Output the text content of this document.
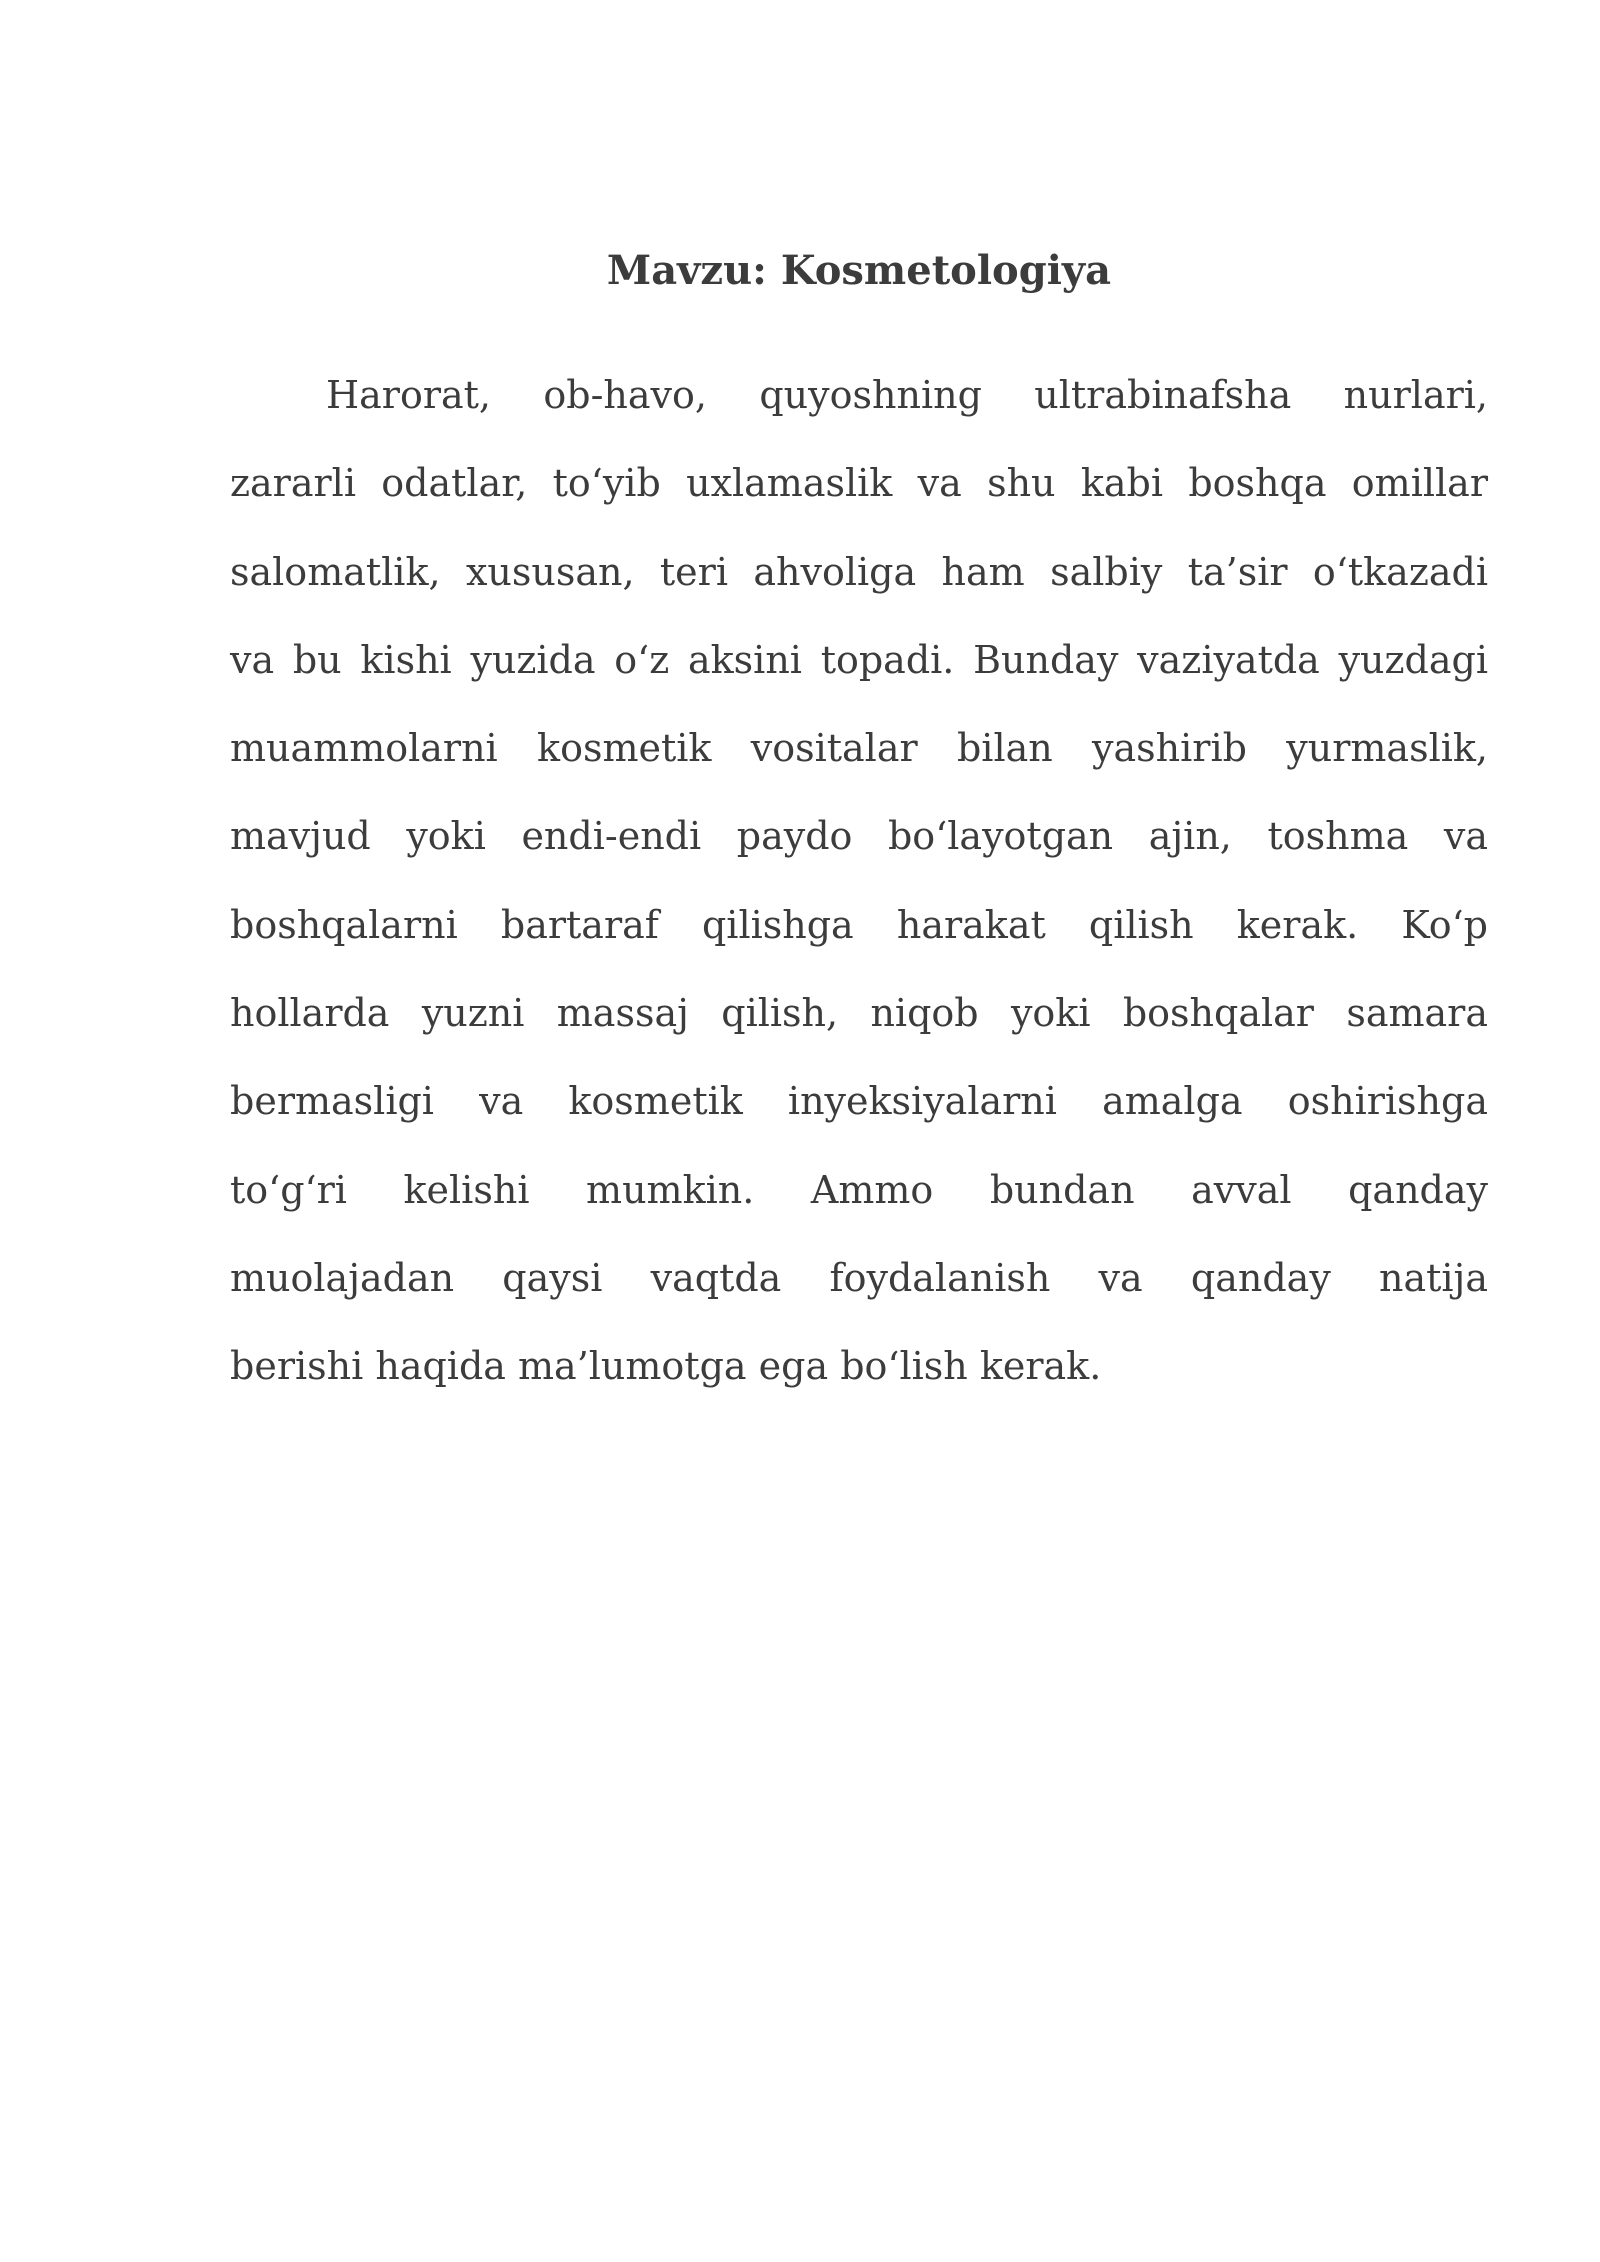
Mavzu: Kosmetologiya
Harorat, ob-havo, quyoshning ultrabinafsha nurlari,
zararli odatlar, to‘yib uxlamaslik va shu kabi boshqa omillar
salomatlik, xususan, teri ahvoliga ham salbiy ta’sir o‘tkazadi
va bu kishi yuzida o‘z aksini topadi. Bunday vaziyatda yuzdagi
muammolarni kosmetik vositalar bilan yashirib yurmaslik,
mavjud yoki endi-endi paydo bo‘layotgan ajin, toshma va
boshqalarni bartaraf qilishga harakat qilish kerak. Ko‘p
hollarda yuzni massaj qilish, niqob yoki boshqalar samara
bermasligi va kosmetik inyeksiyalarni amalga oshirishga
to‘g‘ri kelishi mumkin. Ammo bundan avval qanday
muolajadan qaysi vaqtda foydalanish va qanday natija
berishi haqida ma’lumotga ega bo‘lish kerak.
